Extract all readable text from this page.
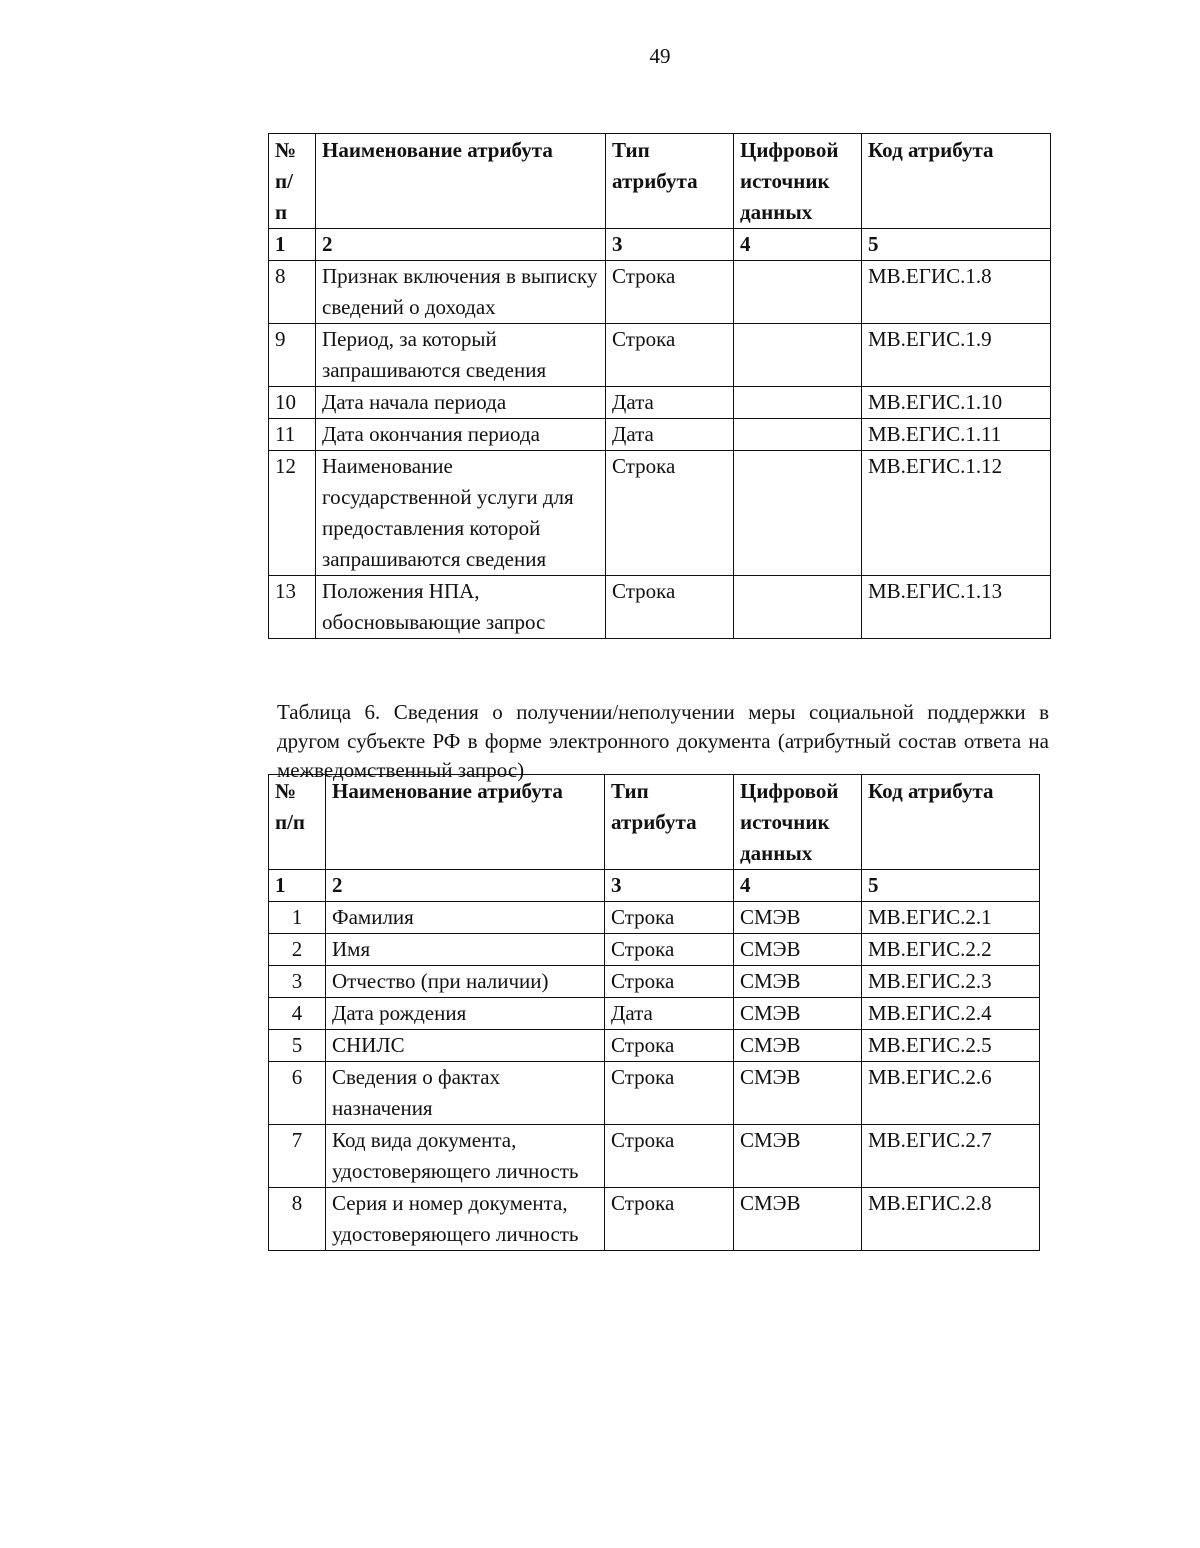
49
№ п/ п	Наименование атрибута	Тип атрибута	Цифровой источник данных	Код атрибута
1	2	3	4	5
8	Признак включения в выписку сведений о доходах	Строка		МВ.ЕГИС.1.8
9	Период, за который запрашиваются сведения	Строка		МВ.ЕГИС.1.9
10	Дата начала периода	Дата		МВ.ЕГИС.1.10
11	Дата окончания периода	Дата		МВ.ЕГИС.1.11
12	Наименование государственной услуги для предоставления которой запрашиваются сведения	Строка		МВ.ЕГИС.1.12
13	Положения НПА, обосновывающие запрос	Строка		МВ.ЕГИС.1.13
Таблица 6. Сведения о получении/неполучении меры социальной поддержки в другом субъекте РФ в форме электронного документа (атрибутный состав ответа на межведомственный запрос)
№ п/п	Наименование атрибута	Тип атрибута	Цифровой источник данных	Код атрибута
1	2	3	4	5
1	Фамилия	Строка	СМЭВ	МВ.ЕГИС.2.1
2	Имя	Строка	СМЭВ	МВ.ЕГИС.2.2
3	Отчество (при наличии)	Строка	СМЭВ	МВ.ЕГИС.2.3
4	Дата рождения	Дата	СМЭВ	МВ.ЕГИС.2.4
5	СНИЛС	Строка	СМЭВ	МВ.ЕГИС.2.5
6	Сведения о фактах назначения	Строка	СМЭВ	МВ.ЕГИС.2.6
7	Код вида документа, удостоверяющего личность	Строка	СМЭВ	МВ.ЕГИС.2.7
8	Серия и номер документа, удостоверяющего личность	Строка	СМЭВ	МВ.ЕГИС.2.8
